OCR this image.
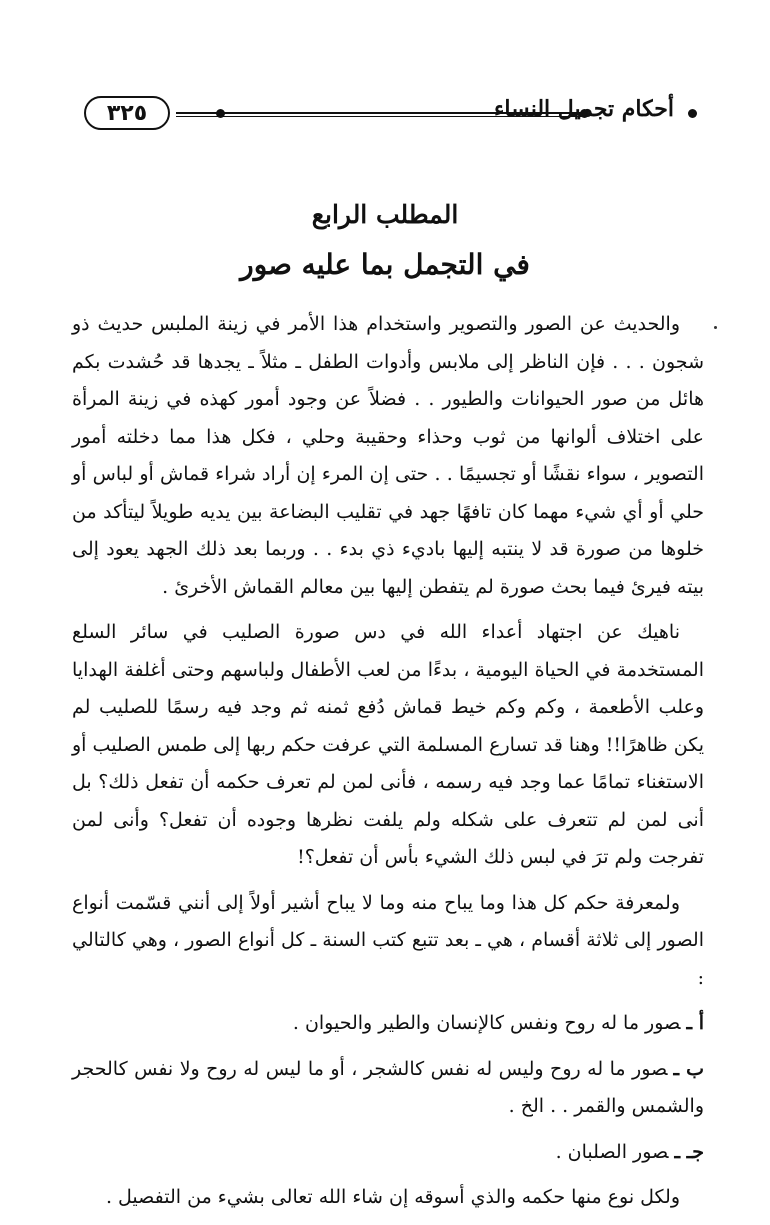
٣٢٥	أحكام تجميل النساء
المطلب الرابع
في التجمل بما عليه صور

والحديث عن الصور والتصوير واستخدام هذا الأمر في زينة الملبس حديث ذو شجون . . . فإن الناظر إلى ملابس وأدوات الطفل ـ مثلاً ـ يجدها قد حُشدت بكم هائل من صور الحيوانات والطيور . . فضلاً عن وجود أمور كهذه في زينة المرأة على اختلاف ألوانها من ثوب وحذاء وحقيبة وحلي ، فكل هذا مما دخلته أمور التصوير ، سواء نقشًا أو تجسيمًا . . حتى إن المرء إن أراد شراء قماش أو لباس أو حلي أو أي شيء مهما كان تافهًا جهد في تقليب البضاعة بين يديه طويلاً ليتأكد من خلوها من صورة قد لا ينتبه إليها باديء ذي بدء . . وربما بعد ذلك الجهد يعود إلى بيته فيرئ فيما بحث صورة لم يتفطن إليها بين معالم القماش الأخرئ .

ناهيك عن اجتهاد أعداء الله في دس صورة الصليب في سائر السلع المستخدمة في الحياة اليومية ، بدءًا من لعب الأطفال ولباسهم وحتى أغلفة الهدايا وعلب الأطعمة ، وكم وكم خيط قماش دُفع ثمنه ثم وجد فيه رسمًا للصليب لم يكن ظاهرًا!! وهنا قد تسارع المسلمة التي عرفت حكم ربها إلى طمس الصليب أو الاستغناء تمامًا عما وجد فيه رسمه ، فأنى لمن لم تعرف حكمه أن تفعل ذلك؟ بل أنى لمن لم تتعرف على شكله ولم يلفت نظرها وجوده أن تفعل؟ وأنى لمن تفرجت ولم ترَ في لبس ذلك الشيء بأس أن تفعل؟!

ولمعرفة حكم كل هذا وما يباح منه وما لا يباح أشير أولاً إلى أنني قسّمت أنواع الصور إلى ثلاثة أقسام ، هي ـ بعد تتبع كتب السنة ـ كل أنواع الصور ، وهي كالتالي :

أ ـصور ما له روح ونفس كالإنسان والطير والحيوان .

ب ـصور ما له روح وليس له نفس كالشجر ، أو ما ليس له روح ولا نفس كالحجر والشمس والقمر . . الخ .

جـ ـصور الصلبان .

ولكل نوع منها حكمه والذي أسوقه إن شاء الله تعالى بشيء من التفصيل .
